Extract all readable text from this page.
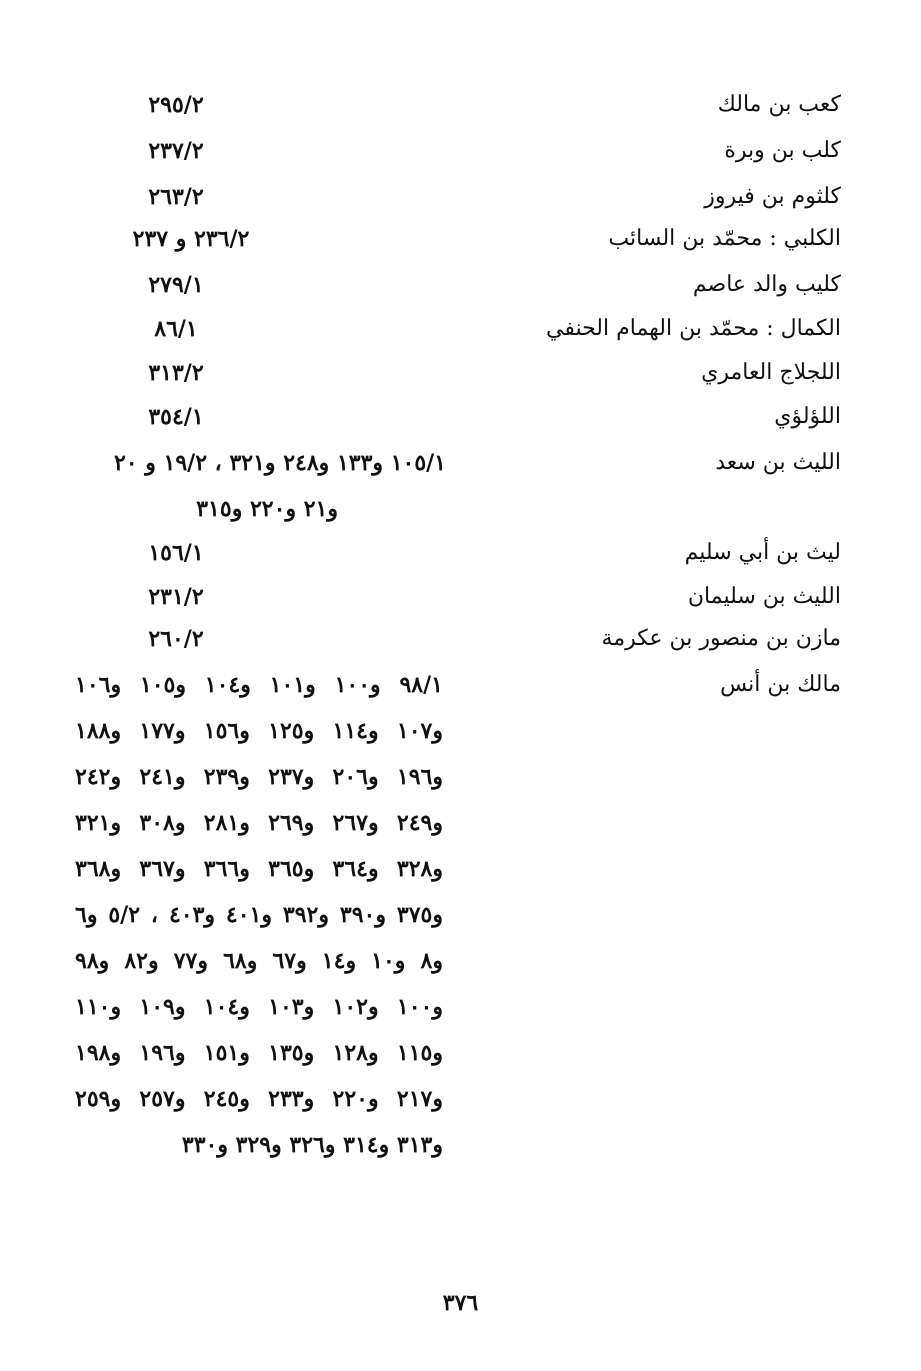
كعب بن مالك
٢٩٥/٢
كلب بن وبرة
٢٣٧/٢
كلثوم بن فيروز
٢٦٣/٢
الكلبي : محمّد بن السائب
٢٣٦/٢ و ٢٣٧
كليب والد عاصم
٢٧٩/١
الكمال : محمّد بن الهمام الحنفي
٨٦/١
اللجلاج العامري
٣١٣/٢
اللؤلؤي
٣٥٤/١
الليث بن سعد
١٠٥/١ و١٣٣ و٢٤٨ و٣٢١ ، ١٩/٢ و ٢٠
و٢١ و٢٢٠ و٣١٥
ليث بن أبي سليم
١٥٦/١
الليث بن سليمان
٢٣١/٢
مازن بن منصور بن عكرمة
٢٦٠/٢
مالك بن أنس
٩٨/١ و١٠٠ و١٠١ و١٠٤ و١٠٥ و١٠٦
و١٠٧ و١١٤ و١٢٥ و١٥٦ و١٧٧ و١٨٨
و١٩٦ و٢٠٦ و٢٣٧ و٢٣٩ و٢٤١ و٢٤٢
و٢٤٩ و٢٦٧ و٢٦٩ و٢٨١ و٣٠٨ و٣٢١
و٣٢٨ و٣٦٤ و٣٦٥ و٣٦٦ و٣٦٧ و٣٦٨
و٣٧٥ و٣٩٠ و٣٩٢ و٤٠١ و٤٠٣ ، ٥/٢ و٦
و٨ و١٠ و١٤ و٦٧ و٦٨ و٧٧ و٨٢ و٩٨
و١٠٠ و١٠٢ و١٠٣ و١٠٤ و١٠٩ و١١٠
و١١٥ و١٢٨ و١٣٥ و١٥١ و١٩٦ و١٩٨
و٢١٧ و٢٢٠ و٢٣٣ و٢٤٥ و٢٥٧ و٢٥٩
و٣١٣ و٣١٤ و٣٢٦ و٣٢٩ و٣٣٠
٣٧٦
